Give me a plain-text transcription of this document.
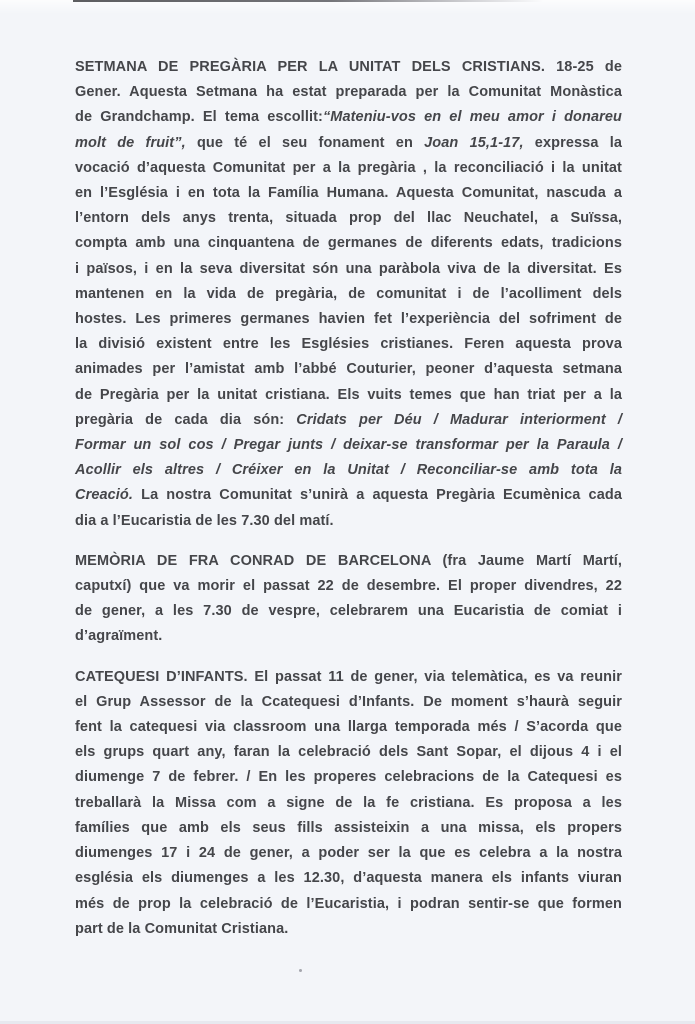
SETMANA DE PREGÀRIA PER LA UNITAT DELS CRISTIANS. 18-25 de
Gener. Aquesta Setmana ha estat preparada per la Comunitat Monàstica
de Grandchamp. El tema escollit:“Mateniu-vos en el meu amor i donareu
molt de fruit”, que té el seu fonament en Joan 15,1-17, expressa la
vocació d’aquesta Comunitat per a la pregària , la reconciliació i la unitat
en l’Església i en tota la Família Humana. Aquesta Comunitat, nascuda a
l’entorn dels anys trenta, situada prop del llac Neuchatel, a Suïssa,
compta amb una cinquantena de germanes de diferents edats, tradicions
i països, i en la seva diversitat són una paràbola viva de la diversitat. Es
mantenen en la vida de pregària, de comunitat i de l’acolliment dels
hostes. Les primeres germanes havien fet l’experiència del sofriment de
la divisió existent entre les Esglésies cristianes. Feren aquesta prova
animades per l’amistat amb l’abbé Couturier, peoner d’aquesta setmana
de Pregària per la unitat cristiana. Els vuits temes que han triat per a la
pregària de cada dia són: Cridats per Déu / Madurar interiorment /
Formar un sol cos / Pregar junts / deixar-se transformar per la Paraula /
Acollir els altres / Créixer en la Unitat / Reconciliar-se amb tota la
Creació. La nostra Comunitat s’unirà a aquesta Pregària Ecumènica cada
dia a l’Eucaristia de les 7.30 del matí.
MEMÒRIA DE FRA CONRAD DE BARCELONA (fra Jaume Martí Martí,
caputxí) que va morir el passat 22 de desembre. El proper divendres, 22
de gener, a les 7.30 de vespre, celebrarem una Eucaristia de comiat i
d’agraïment.
CATEQUESI D’INFANTS. El passat 11 de gener, via telemàtica, es va reunir
el Grup Assessor de la Ccatequesi d’Infants. De moment s’haurà seguir
fent la catequesi via classroom una llarga temporada més / S’acorda que
els grups quart any, faran la celebració dels Sant Sopar, el dijous 4 i el
diumenge 7 de febrer. / En les properes celebracions de la Catequesi es
treballarà la Missa com a signe de la fe cristiana. Es proposa a les
famílies que amb els seus fills assisteixin a una missa, els propers
diumenges 17 i 24 de gener, a poder ser la que es celebra a la nostra
església els diumenges a les 12.30, d’aquesta manera els infants viuran
més de prop la celebració de l’Eucaristia, i podran sentir-se que formen
part de la Comunitat Cristiana.
